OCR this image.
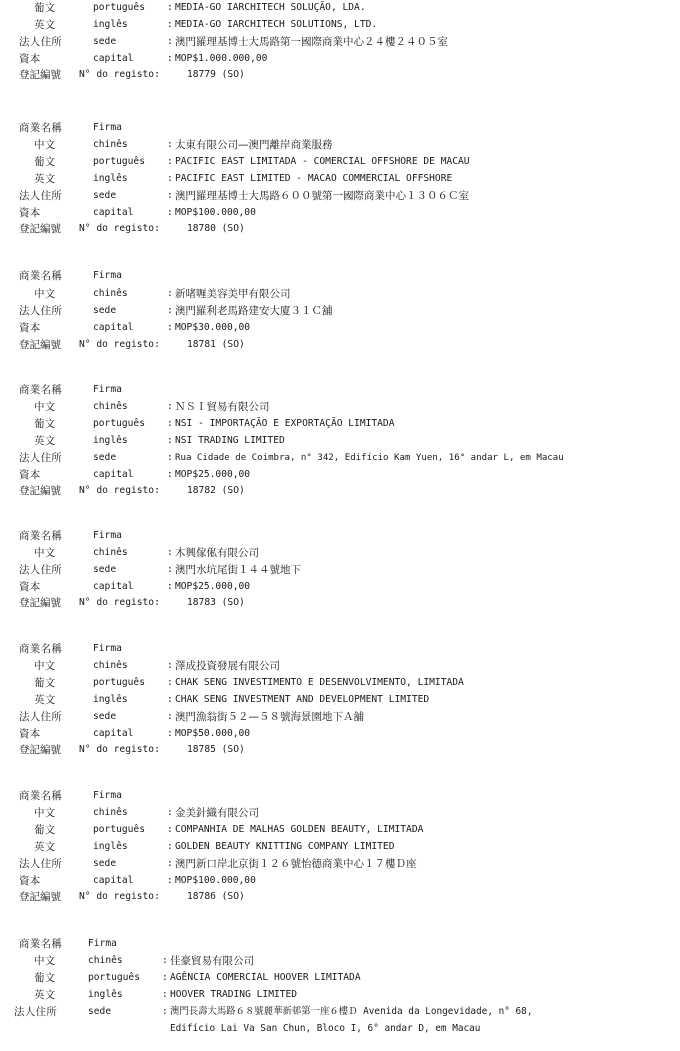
葡文	português : MEDIA-GO IARCHITECH SOLUÇÃO, LDA.
英文	inglês	: MEDIA-GO IARCHITECH SOLUTIONS, LTD.
法人住所	sede	: 澳門羅理基博士大馬路第一國際商業中心２４樓２４０５室
資本	capital	: MOP$1.000.000,00
登記編號 N° do registo:	18779 (SO)
商業名稱	Firma
中文	chinês	: 太東有限公司—澳門離岸商業服務
葡文	português : PACIFIC EAST LIMITADA - COMERCIAL OFFSHORE DE MACAU
英文	inglês	: PACIFIC EAST LIMITED - MACAO COMMERCIAL OFFSHORE
法人住所	sede	: 澳門羅理基博士大馬路６００號第一國際商業中心１３０６Ｃ室
資本	capital	: MOP$100.000,00
登記編號 N° do registo:	18780 (SO)
商業名稱	Firma
中文	chinês	: 新啫喱美容美甲有限公司
法人住所	sede	: 澳門羅利老馬路建安大廈３１Ｃ舖
資本	capital	: MOP$30.000,00
登記編號 N° do registo:	18781 (SO)
商業名稱	Firma
中文	chinês	: ＮＳＩ貿易有限公司
葡文	português : NSI - IMPORTAÇÃO E EXPORTAÇÃO LIMITADA
英文	inglês	: NSI TRADING LIMITED
法人住所	sede	: Rua Cidade de Coimbra, n° 342, Edifício Kam Yuen, 16° andar L, em Macau
資本	capital	: MOP$25.000,00
登記編號 N° do registo:	18782 (SO)
商業名稱	Firma
中文	chinês	: 木興傢俬有限公司
法人住所	sede	: 澳門水坑尾街１４４號地下
資本	capital	: MOP$25.000,00
登記編號 N° do registo:	18783 (SO)
商業名稱	Firma
中文	chinês	: 澤成投資發展有限公司
葡文	português : CHAK SENG INVESTIMENTO E DESENVOLVIMENTO, LIMITADA
英文	inglês	: CHAK SENG INVESTMENT AND DEVELOPMENT LIMITED
法人住所	sede	: 澳門漁翁街５２—５８號海景園地下Ａ舖
資本	capital	: MOP$50.000,00
登記編號 N° do registo:	18785 (SO)
商業名稱	Firma
中文	chinês	: 金美針織有限公司
葡文	português : COMPANHIA DE MALHAS GOLDEN BEAUTY, LIMITADA
英文	inglês	: GOLDEN BEAUTY KNITTING COMPANY LIMITED
法人住所	sede	: 澳門新口岸北京街１２６號怡德商業中心１７樓Ｄ座
資本	capital	: MOP$100.000,00
登記編號 N° do registo:	18786 (SO)
商業名稱	Firma
中文	chinês	: 佳豪貿易有限公司
葡文	português : AGÊNCIA COMERCIAL HOOVER LIMITADA
英文	inglês	: HOOVER TRADING LIMITED
法人住所	sede	: 澳門長壽大馬路６８號麗華新邨第一座６樓Ｄ Avenida da Longevidade, n° 68,
Edifício Lai Va San Chun, Bloco I, 6° andar D, em Macau
